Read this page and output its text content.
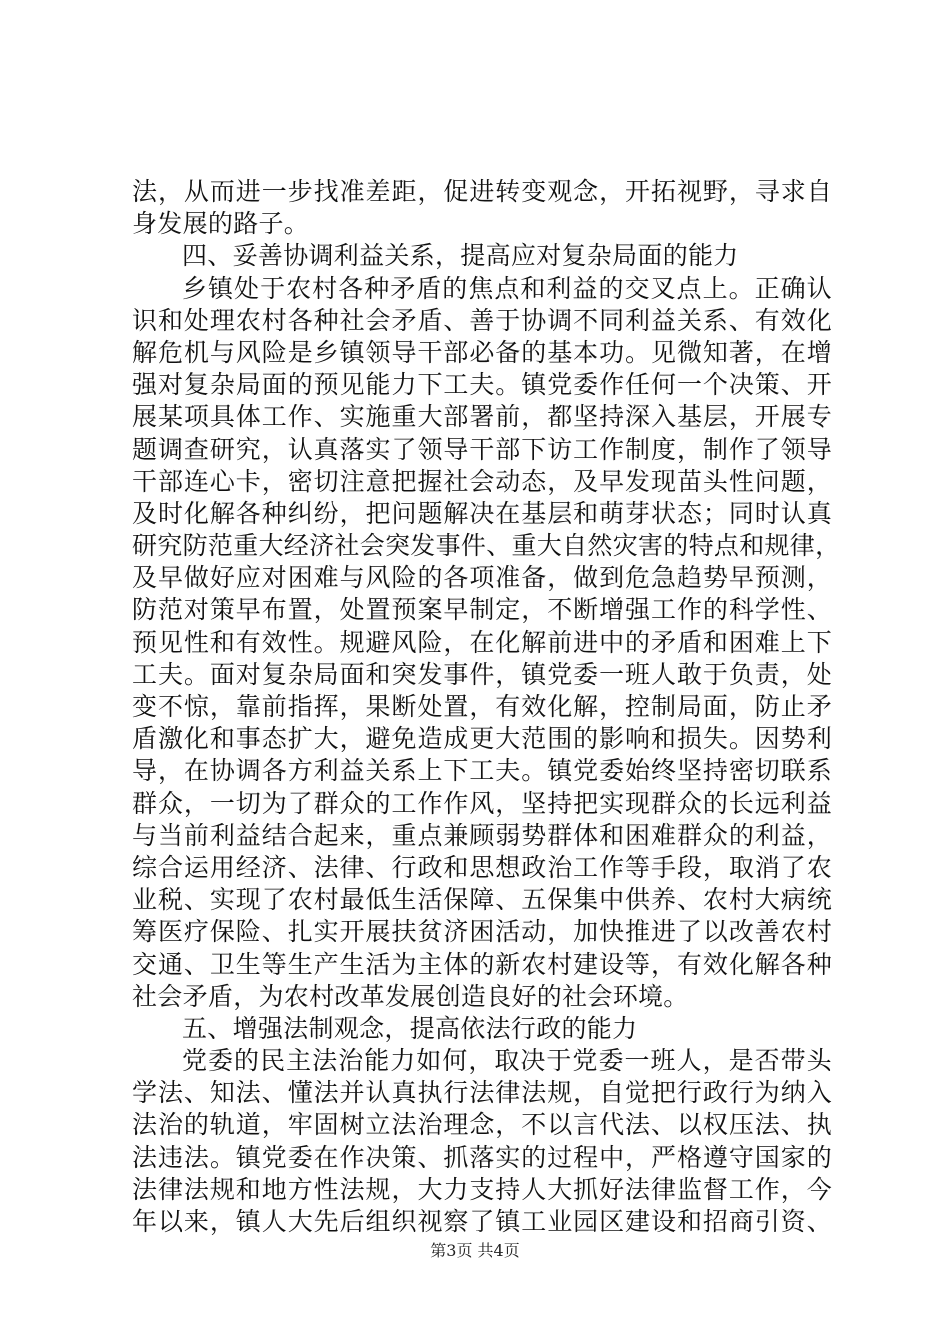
法，从而进一步找准差距，促进转变观念，开拓视野，寻求自
身发展的路子。
四、妥善协调利益关系，提高应对复杂局面的能力
乡镇处于农村各种矛盾的焦点和利益的交叉点上。正确认
识和处理农村各种社会矛盾、善于协调不同利益关系、有效化
解危机与风险是乡镇领导干部必备的基本功。见微知著，在增
强对复杂局面的预见能力下工夫。镇党委作任何一个决策、开
展某项具体工作、实施重大部署前，都坚持深入基层，开展专
题调查研究，认真落实了领导干部下访工作制度，制作了领导
干部连心卡，密切注意把握社会动态，及早发现苗头性问题，
及时化解各种纠纷，把问题解决在基层和萌芽状态；同时认真
研究防范重大经济社会突发事件、重大自然灾害的特点和规律，
及早做好应对困难与风险的各项准备，做到危急趋势早预测，
防范对策早布置，处置预案早制定，不断增强工作的科学性、
预见性和有效性。规避风险，在化解前进中的矛盾和困难上下
工夫。面对复杂局面和突发事件，镇党委一班人敢于负责，处
变不惊，靠前指挥，果断处置，有效化解，控制局面，防止矛
盾激化和事态扩大，避免造成更大范围的影响和损失。因势利
导，在协调各方利益关系上下工夫。镇党委始终坚持密切联系
群众，一切为了群众的工作作风，坚持把实现群众的长远利益
与当前利益结合起来，重点兼顾弱势群体和困难群众的利益，
综合运用经济、法律、行政和思想政治工作等手段，取消了农
业税、实现了农村最低生活保障、五保集中供养、农村大病统
筹医疗保险、扎实开展扶贫济困活动，加快推进了以改善农村
交通、卫生等生产生活为主体的新农村建设等，有效化解各种
社会矛盾，为农村改革发展创造良好的社会环境。
五、增强法制观念，提高依法行政的能力
党委的民主法治能力如何，取决于党委一班人，是否带头
学法、知法、懂法并认真执行法律法规，自觉把行政行为纳入
法治的轨道，牢固树立法治理念，不以言代法、以权压法、执
法违法。镇党委在作决策、抓落实的过程中，严格遵守国家的
法律法规和地方性法规，大力支持人大抓好法律监督工作，今
年以来，镇人大先后组织视察了镇工业园区建设和招商引资、
第3页 共4页
